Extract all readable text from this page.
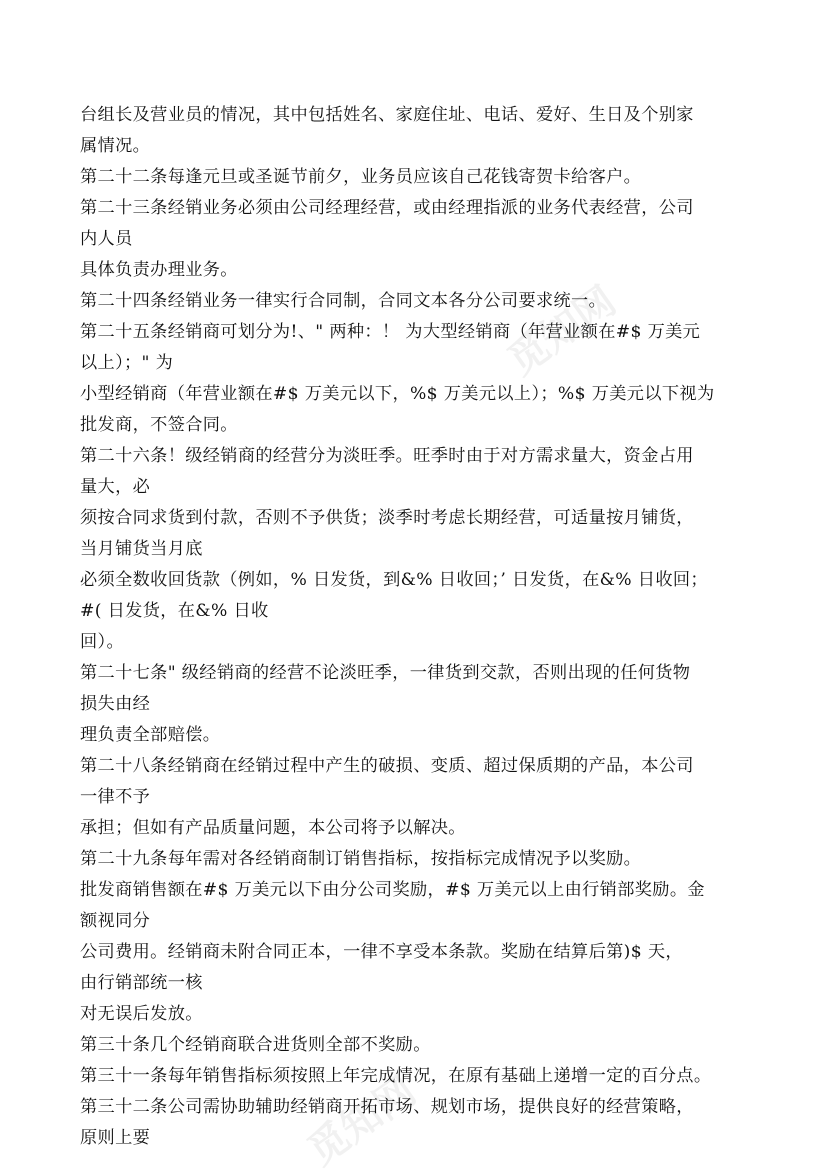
觅知网
觅知网
台组长及营业员的情况，其中包括姓名、家庭住址、电话、爱好、生日及个别家
属情况。
第二十二条每逢元旦或圣诞节前夕，业务员应该自己花钱寄贺卡给客户。
第二十三条经销业务必须由公司经理经营，或由经理指派的业务代表经营，公司
内人员
具体负责办理业务。
第二十四条经销业务一律实行合同制，合同文本各分公司要求统一。
第二十五条经销商可划分为!、" 两种：！ 为大型经销商（年营业额在#$ 万美元
以上）；" 为
小型经销商（年营业额在#$ 万美元以下，%$ 万美元以上）；%$ 万美元以下视为
批发商，不签合同。
第二十六条！级经销商的经营分为淡旺季。旺季时由于对方需求量大，资金占用
量大，必
须按合同求货到付款，否则不予供货；淡季时考虑长期经营，可适量按月铺货，
当月铺货当月底
必须全数收回货款（例如，% 日发货，到&% 日收回；’ 日发货，在&% 日收回；
#( 日发货，在&% 日收
回）。
第二十七条" 级经销商的经营不论淡旺季，一律货到交款，否则出现的任何货物
损失由经
理负责全部赔偿。
第二十八条经销商在经销过程中产生的破损、变质、超过保质期的产品，本公司
一律不予
承担；但如有产品质量问题，本公司将予以解决。
第二十九条每年需对各经销商制订销售指标，按指标完成情况予以奖励。
批发商销售额在#$ 万美元以下由分公司奖励，#$ 万美元以上由行销部奖励。金
额视同分
公司费用。经销商未附合同正本，一律不享受本条款。奖励在结算后第)$ 天，
由行销部统一核
对无误后发放。
第三十条几个经销商联合进货则全部不奖励。
第三十一条每年销售指标须按照上年完成情况，在原有基础上递增一定的百分点。
第三十二条公司需协助辅助经销商开拓市场、规划市场，提供良好的经营策略，
原则上要
